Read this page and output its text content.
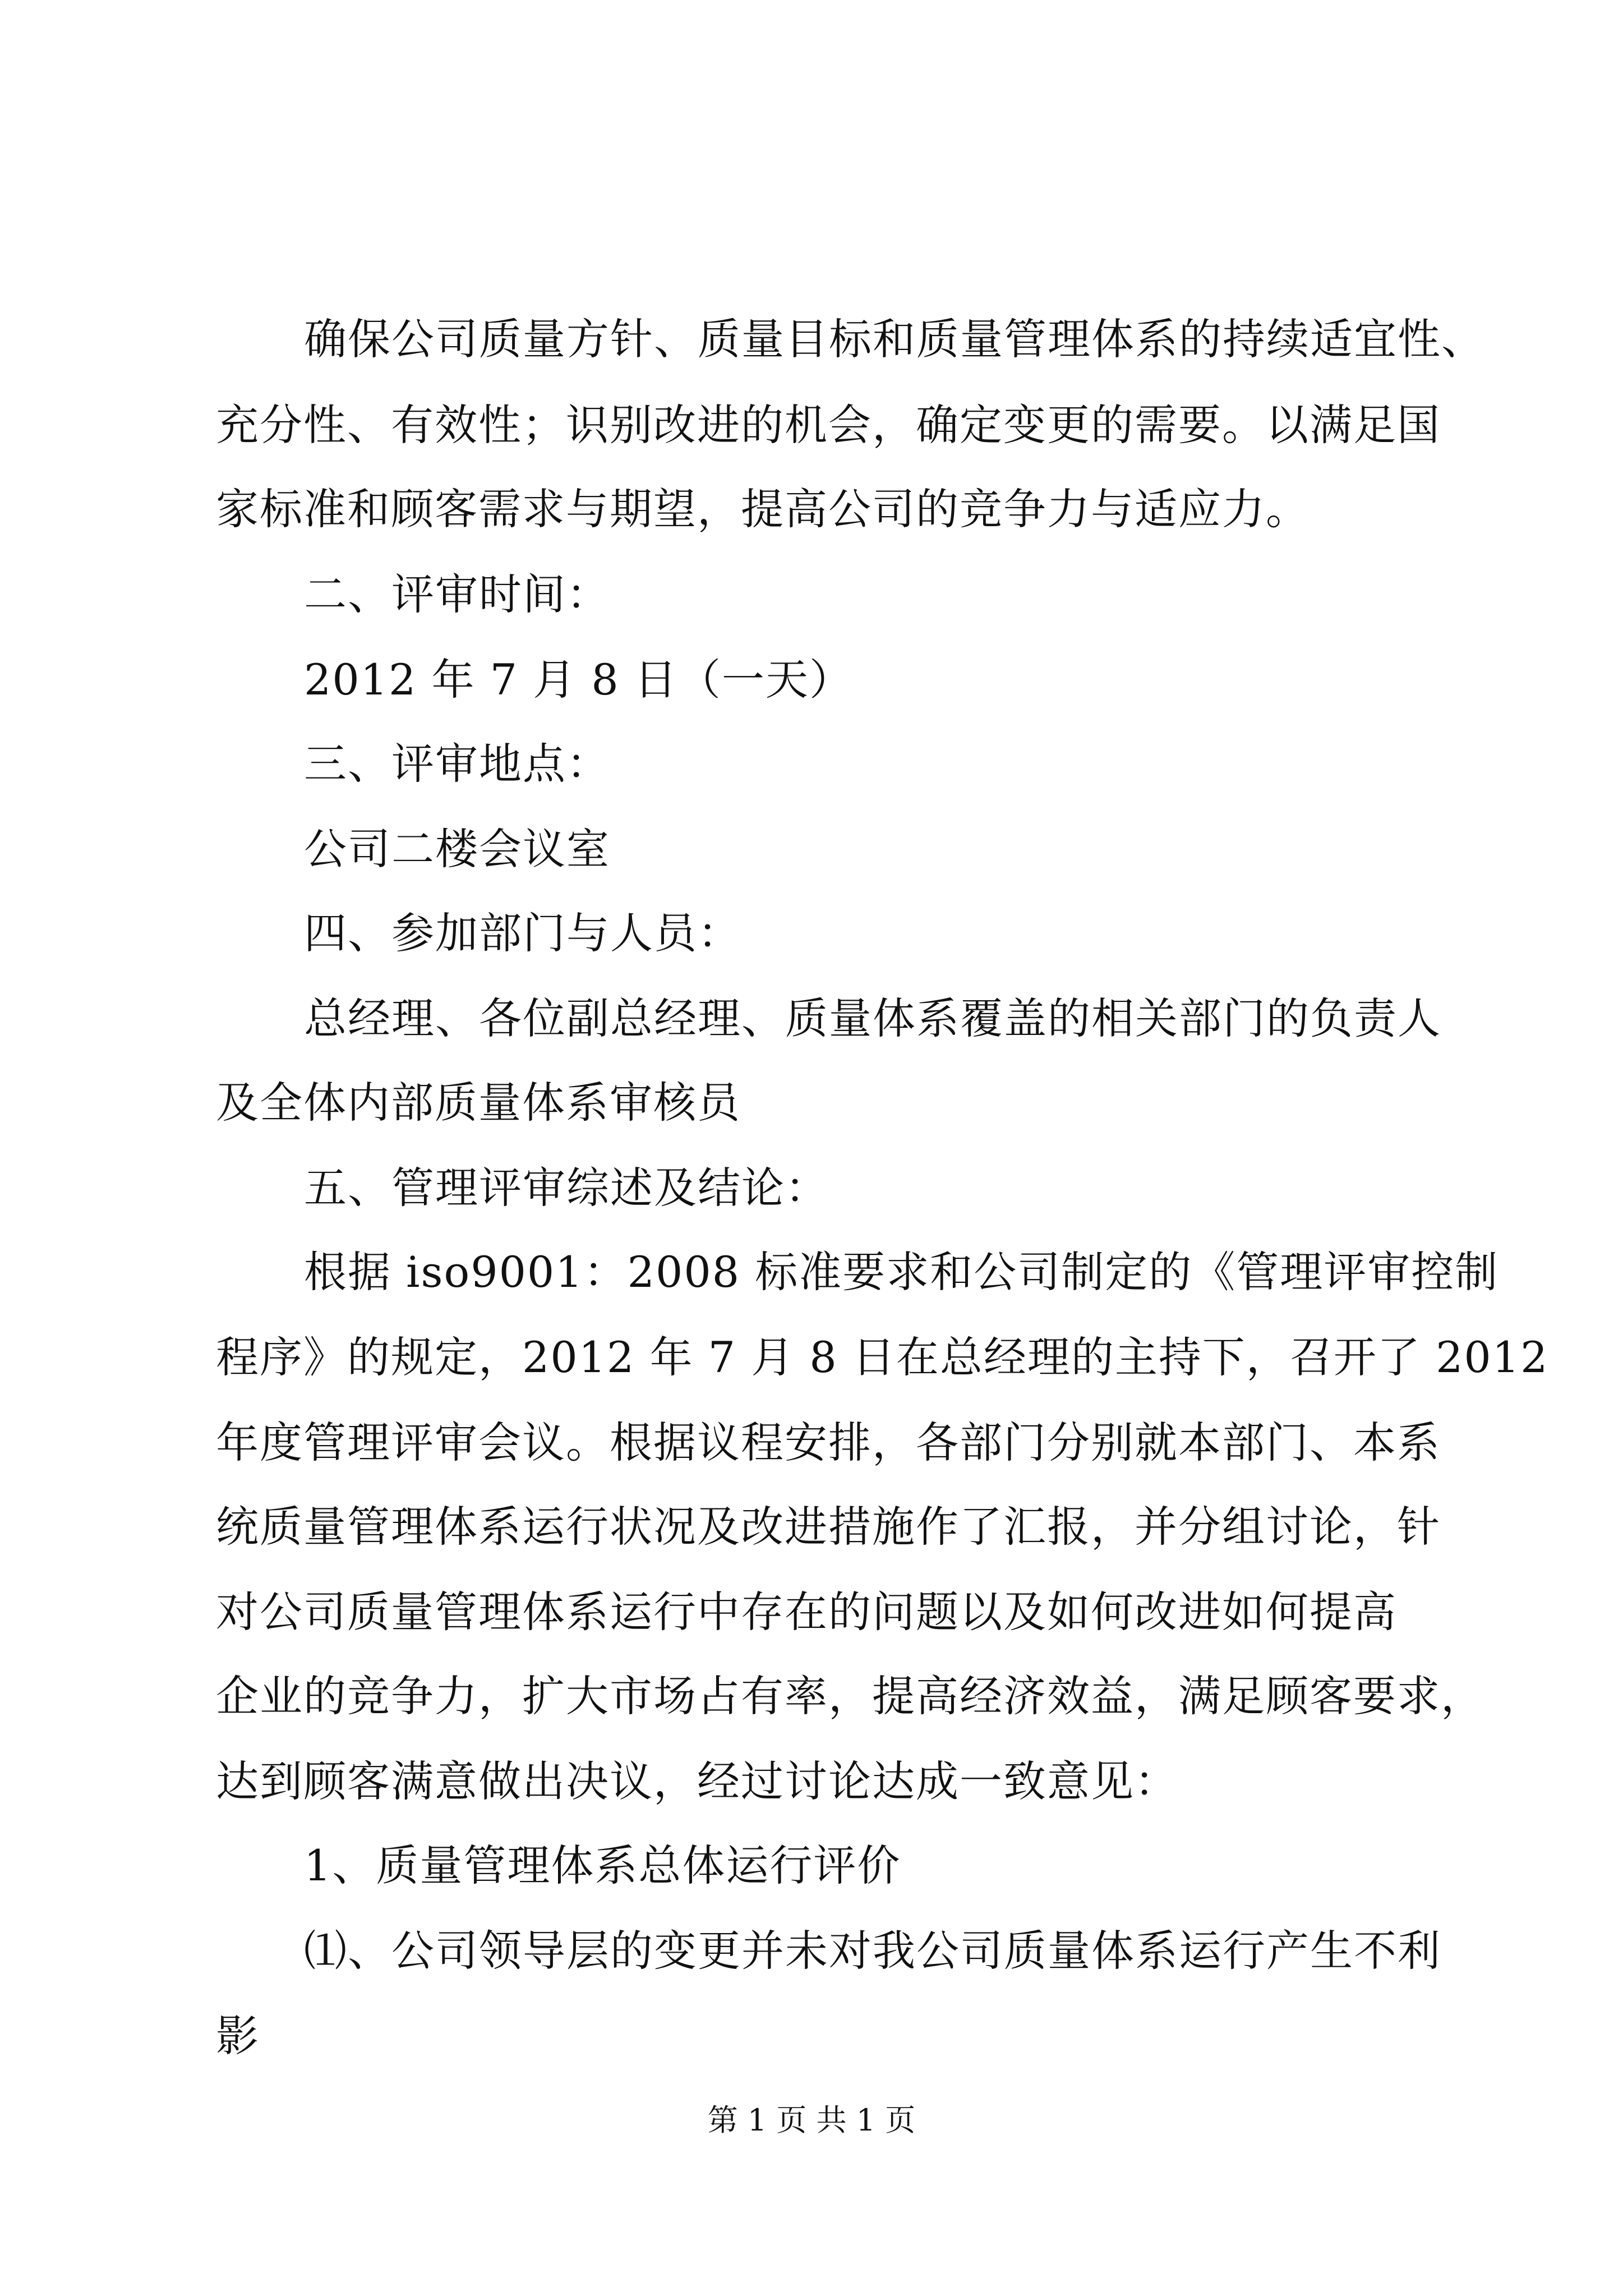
确保公司质量方针、质量目标和质量管理体系的持续适宜性、
充分性、有效性；识别改进的机会，确定变更的需要。以满足国
家标准和顾客需求与期望，提高公司的竞争力与适应力。
二、评审时间：
2012 年 7 月 8 日（一天）
三、评审地点：
公司二楼会议室
四、参加部门与人员：
总经理、各位副总经理、质量体系覆盖的相关部门的负责人
及全体内部质量体系审核员
五、管理评审综述及结论：
根据 iso9001：2008 标准要求和公司制定的《管理评审控制
程序》的规定，2012 年 7 月 8 日在总经理的主持下，召开了 2012
年度管理评审会议。根据议程安排，各部门分别就本部门、本系
统质量管理体系运行状况及改进措施作了汇报，并分组讨论，针
对公司质量管理体系运行中存在的问题以及如何改进如何提高
企业的竞争力，扩大市场占有率，提高经济效益，满足顾客要求，
达到顾客满意做出决议，经过讨论达成一致意见：
1、质量管理体系总体运行评价
⑴、公司领导层的变更并未对我公司质量体系运行产生不利
影
第 1 页 共 1 页
